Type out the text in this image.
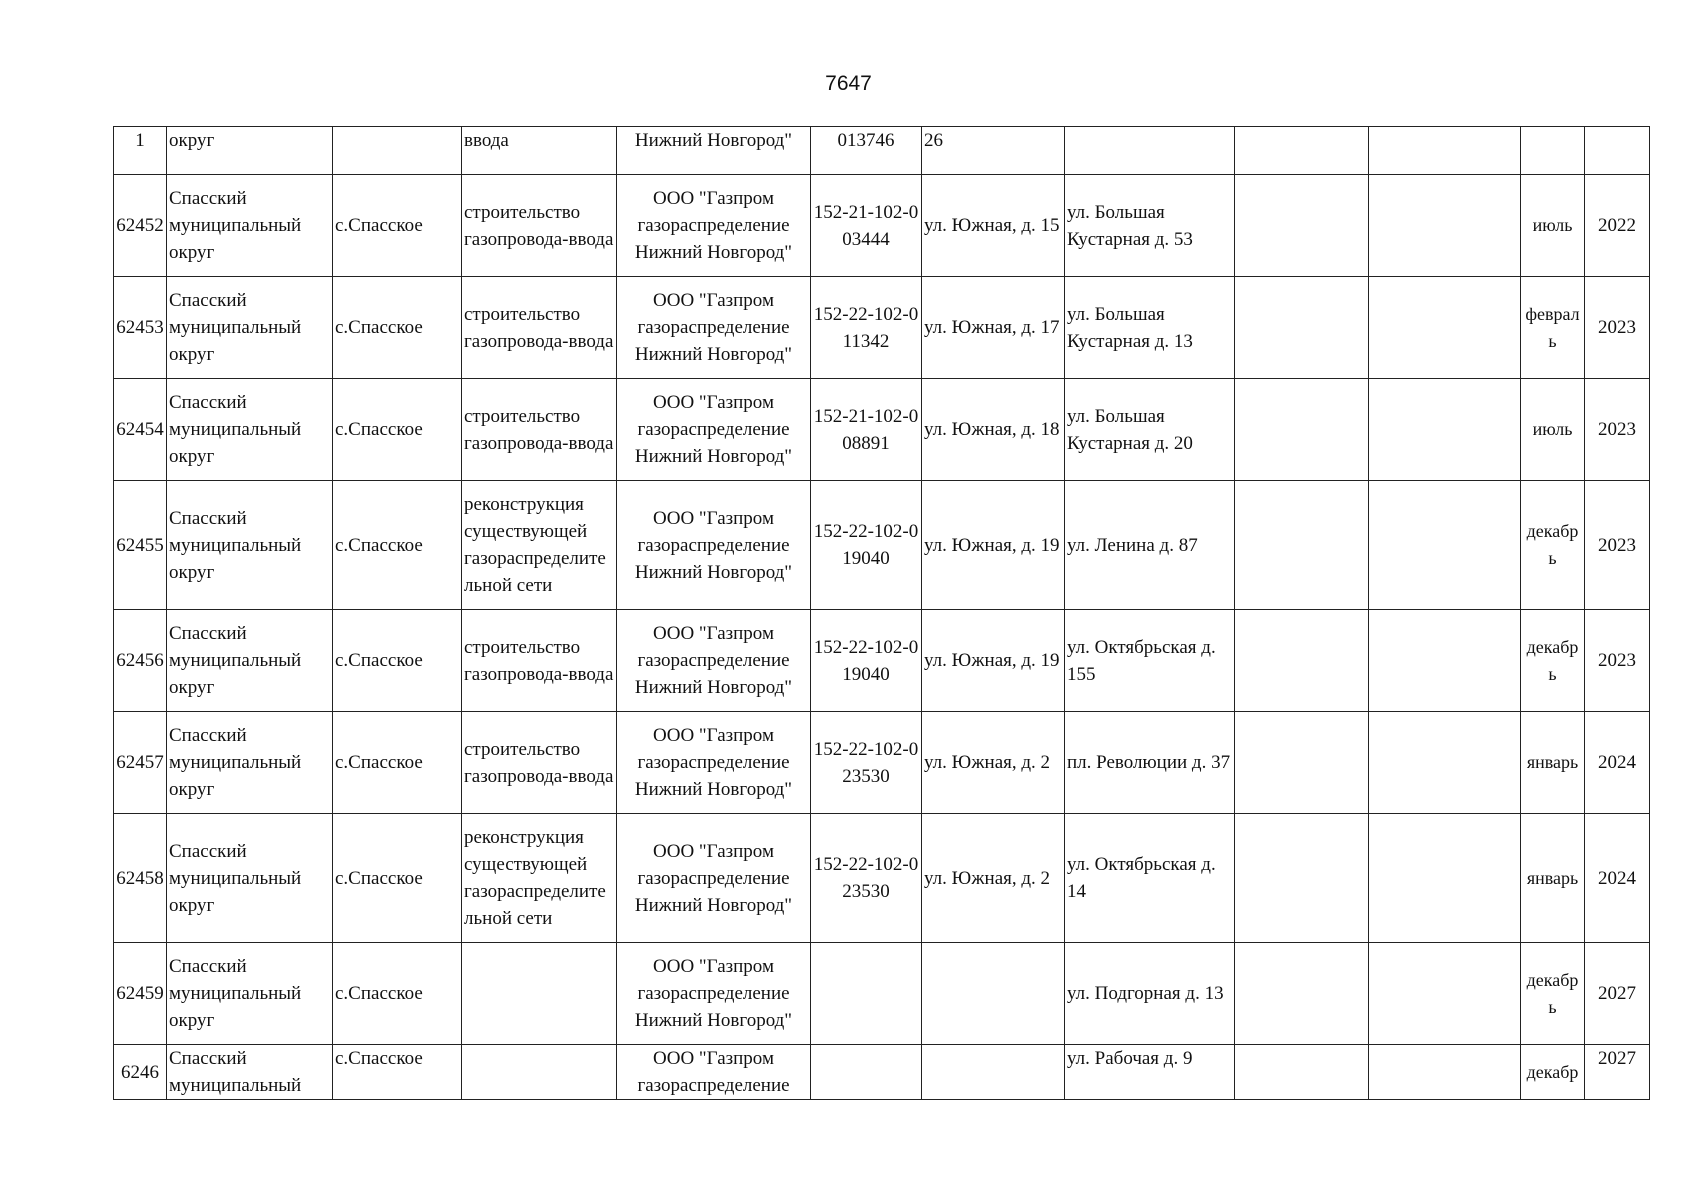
7647
1	округ		ввода	Нижний Новгород"	013746	26					
62452	Спасский муниципальный округ	с.Спасское	строительство газопровода-ввода	ООО "Газпром газораспределение Нижний Новгород"	152-21-102-003444	ул. Южная, д. 15	ул. Большая Кустарная д. 53			июль	2022
62453	Спасский муниципальный округ	с.Спасское	строительство газопровода-ввода	ООО "Газпром газораспределение Нижний Новгород"	152-22-102-011342	ул. Южная, д. 17	ул. Большая Кустарная д. 13			февраль	2023
62454	Спасский муниципальный округ	с.Спасское	строительство газопровода-ввода	ООО "Газпром газораспределение Нижний Новгород"	152-21-102-008891	ул. Южная, д. 18	ул. Большая Кустарная д. 20			июль	2023
62455	Спасский муниципальный округ	с.Спасское	реконструкция существующей газораспределительной сети	ООО "Газпром газораспределение Нижний Новгород"	152-22-102-019040	ул. Южная, д. 19	ул. Ленина д. 87			декабрь	2023
62456	Спасский муниципальный округ	с.Спасское	строительство газопровода-ввода	ООО "Газпром газораспределение Нижний Новгород"	152-22-102-019040	ул. Южная, д. 19	ул. Октябрьская д. 155			декабрь	2023
62457	Спасский муниципальный округ	с.Спасское	строительство газопровода-ввода	ООО "Газпром газораспределение Нижний Новгород"	152-22-102-023530	ул. Южная, д. 2	пл. Революции д. 37			январь	2024
62458	Спасский муниципальный округ	с.Спасское	реконструкция существующей газораспределительной сети	ООО "Газпром газораспределение Нижний Новгород"	152-22-102-023530	ул. Южная, д. 2	ул. Октябрьская д. 14			январь	2024
62459	Спасский муниципальный округ	с.Спасское		ООО "Газпром газораспределение Нижний Новгород"			ул. Подгорная д. 13			декабрь	2027
6246	Спасский муниципальный	с.Спасское		ООО "Газпром газораспределение			ул. Рабочая д. 9			декабр	2027
